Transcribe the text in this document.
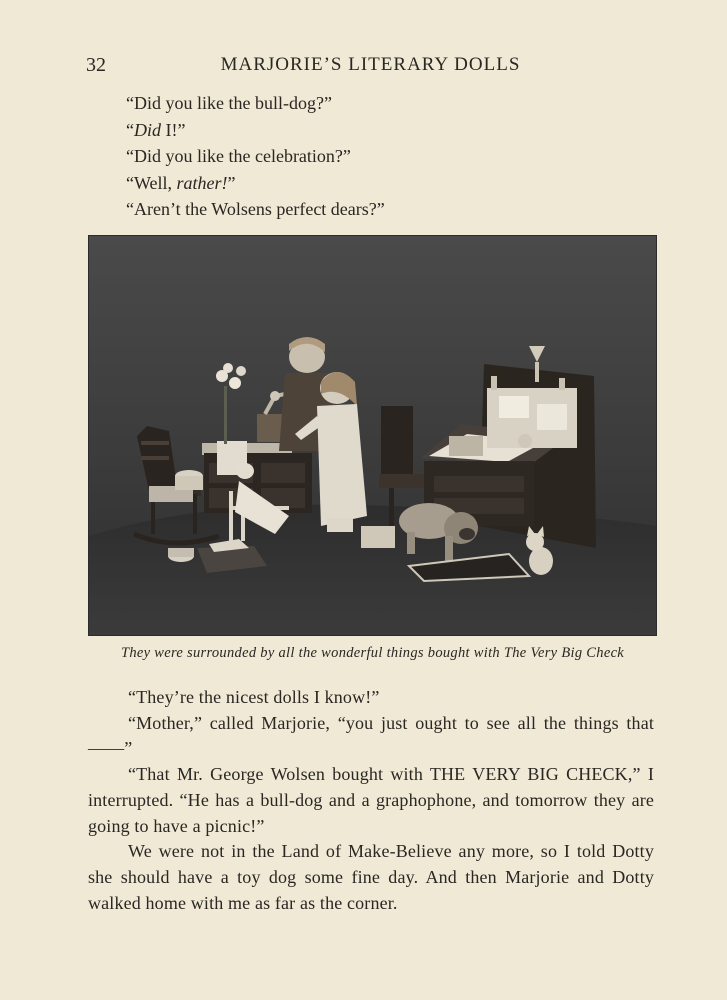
32	MARJORIE’S LITERARY DOLLS
“Did you like the bull-dog?”
“Did I!”
“Did you like the celebration?”
“Well, rather!”
“Aren’t the Wolsens perfect dears?”
They were surrounded by all the wonderful things bought with The Very Big Check

“They’re the nicest dolls I know!”

“Mother,” called Marjorie, “you just ought to see all the things that——”

“That Mr. George Wolsen bought with THE VERY BIG CHECK,” I interrupted. “He has a bull-dog and a graphophone, and tomorrow they are going to have a picnic!”

We were not in the Land of Make-Believe any more, so I told Dotty she should have a toy dog some fine day. And then Marjorie and Dotty walked home with me as far as the corner.
